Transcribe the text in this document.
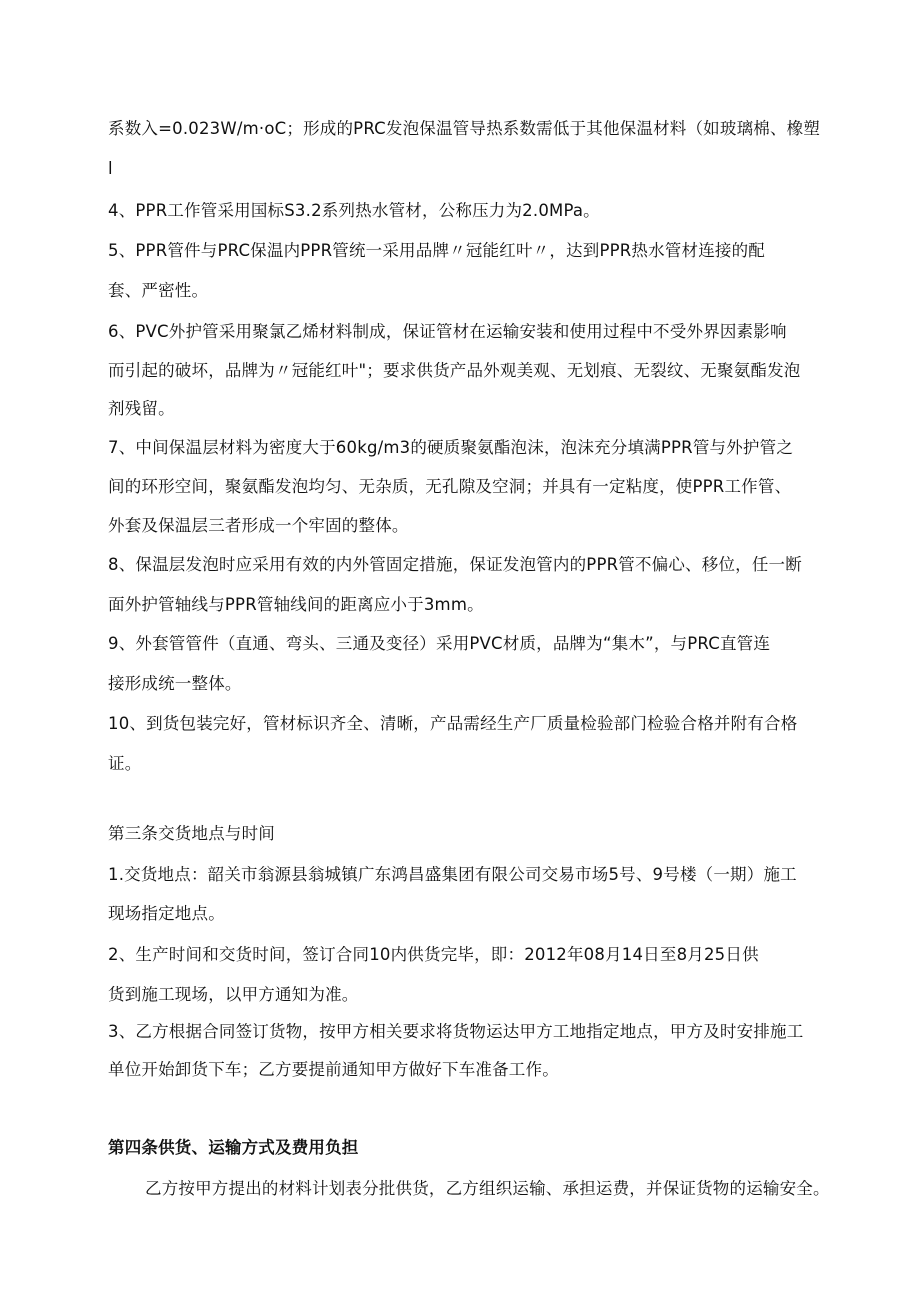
系数入=0.023W/m·oC；形成的PRC发泡保温管导热系数需低于其他保温材料（如玻璃棉、橡塑
l
4、PPR工作管采用国标S3.2系列热水管材，公称压力为2.0MPa。
5、PPR管件与PRC保温内PPR管统一采用品牌〃冠能红叶〃，达到PPR热水管材连接的配
套、严密性。
6、PVC外护管采用聚氯乙烯材料制成，保证管材在运输安装和使用过程中不受外界因素影响
而引起的破坏，品牌为〃冠能红叶"；要求供货产品外观美观、无划痕、无裂纹、无聚氨酯发泡
剂残留。
7、中间保温层材料为密度大于60kg/m3的硬质聚氨酯泡沫，泡沫充分填满PPR管与外护管之
间的环形空间，聚氨酯发泡均匀、无杂质，无孔隙及空洞；并具有一定粘度，使PPR工作管、
外套及保温层三者形成一个牢固的整体。
8、保温层发泡时应采用有效的内外管固定措施，保证发泡管内的PPR管不偏心、移位，任一断
面外护管轴线与PPR管轴线间的距离应小于3mm。
9、外套管管件（直通、弯头、三通及变径）采用PVC材质，品牌为“集木”，与PRC直管连
接形成统一整体。
10、到货包装完好，管材标识齐全、清晰，产品需经生产厂质量检验部门检验合格并附有合格
证。
第三条交货地点与时间
1.交货地点：韶关市翁源县翁城镇广东鸿昌盛集团有限公司交易市场5号、9号楼（一期）施工
现场指定地点。
2、生产时间和交货时间，签订合同10内供货完毕，即：2012年08月14日至8月25日供
货到施工现场，以甲方通知为准。
3、乙方根据合同签订货物，按甲方相关要求将货物运达甲方工地指定地点，甲方及时安排施工
单位开始卸货下车；乙方要提前通知甲方做好下车准备工作。
第四条供货、运输方式及费用负担
乙方按甲方提出的材料计划表分批供货，乙方组织运输、承担运费，并保证货物的运输安全。
